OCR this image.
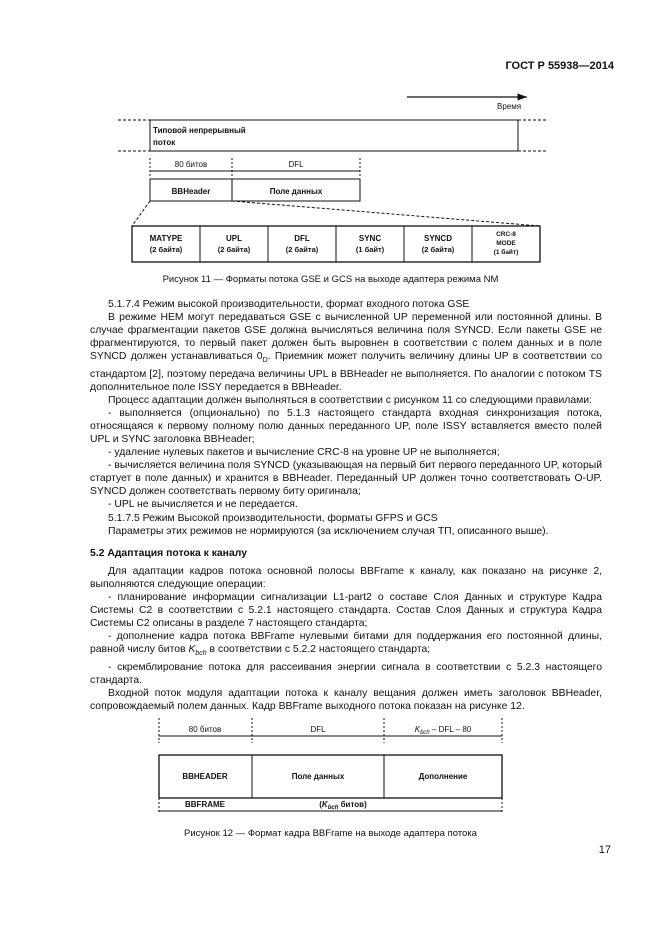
ГОСТ Р 55938—2014
Время
Типовой непрерывный
поток
80 битов	DFL
BBHeader	Поле данных
MATYPE
(2 байта)
UPL
(2 байта)
DFL
(2 байта)
SYNC
(1 байт)
SYNCD
(2 байта)
CRC-8
MODE
(1 байт)
Рисунок 11 — Форматы потока GSE и GCS на выходе адаптера режима NM

5.1.7.4 Режим высокой производительности, формат входного потока GSE

В режиме НЕМ могут передаваться GSE с вычисленной UP переменной или постоянной длины. В случае фрагментации пакетов GSE должна вычисляться величина поля SYNCD. Если пакеты GSE не фрагментируются, то первый пакет должен быть выровнен в соответствии с полем данных и в поле SYNCD должен устанавливаться $0_D$. Приемник может получить величину длины UP в соответствии со стандартом [2], поэтому передача величины UPL в BBHeader не выполняется. По аналогии с потоком TS дополнительное поле ISSY передается в BBHeader.

Процесс адаптации должен выполняться в соответствии с рисунком 11 со следующими правилами:

- выполняется (опционально) по 5.1.3 настоящего стандарта входная синхронизация потока, относящаяся к первому полному полю данных переданного UP, поле ISSY вставляется вместо полей UPL и SYNC заголовка BBHeader;

- удаление нулевых пакетов и вычисление CRC-8 на уровне UP не выполняется;

- вычисляется величина поля SYNCD (указывающая на первый бит первого переданного UP, который стартует в поле данных) и хранится в BBHeader. Переданный UP должен точно соответствовать O-UP. SYNCD должен соответствать первому биту оригинала;

- UPL не вычисляется и не передается.

5.1.7.5 Режим Высокой производительности, форматы GFPS и GCS

Параметры этих режимов не нормируются (за исключением случая ТП, описанного выше).

5.2 Адаптация потока к каналу

Для адаптации кадров потока основной полосы BBFrame к каналу, как показано на рисунке 2, выполняются следующие операции:

- планирование информации сигнализации L1-part2 о составе Слоя Данных и структуре Кадра Системы С2 в соответствии с 5.2.1 настоящего стандарта. Состав Слоя Данных и структура Кадра Системы С2 описаны в разделе 7 настоящего стандарта;

- дополнение кадра потока BBFrame нулевыми битами для поддержания его постоянной длины, равной числу битов $K_{bch}$ в соответствии с 5.2.2 настоящего стандарта;

- скремблирование потока для рассеивания энергии сигнала в соответствии с 5.2.3 настоящего стандарта.

Входной поток модуля адаптации потока к каналу вещания должен иметь заголовок BBHeader, сопровождаемый полем данных. Кадр BBFrame выходного потока показан на рисунке 12.

80 битов	DFL	$K_{bch}$ – DFL – 80
BBHEADER	Поле данных	Дополнение
BBFRAME	($K_{bch}$ битов)
Рисунок 12 — Формат кадра BBFrame на выходе адаптера потока
17
